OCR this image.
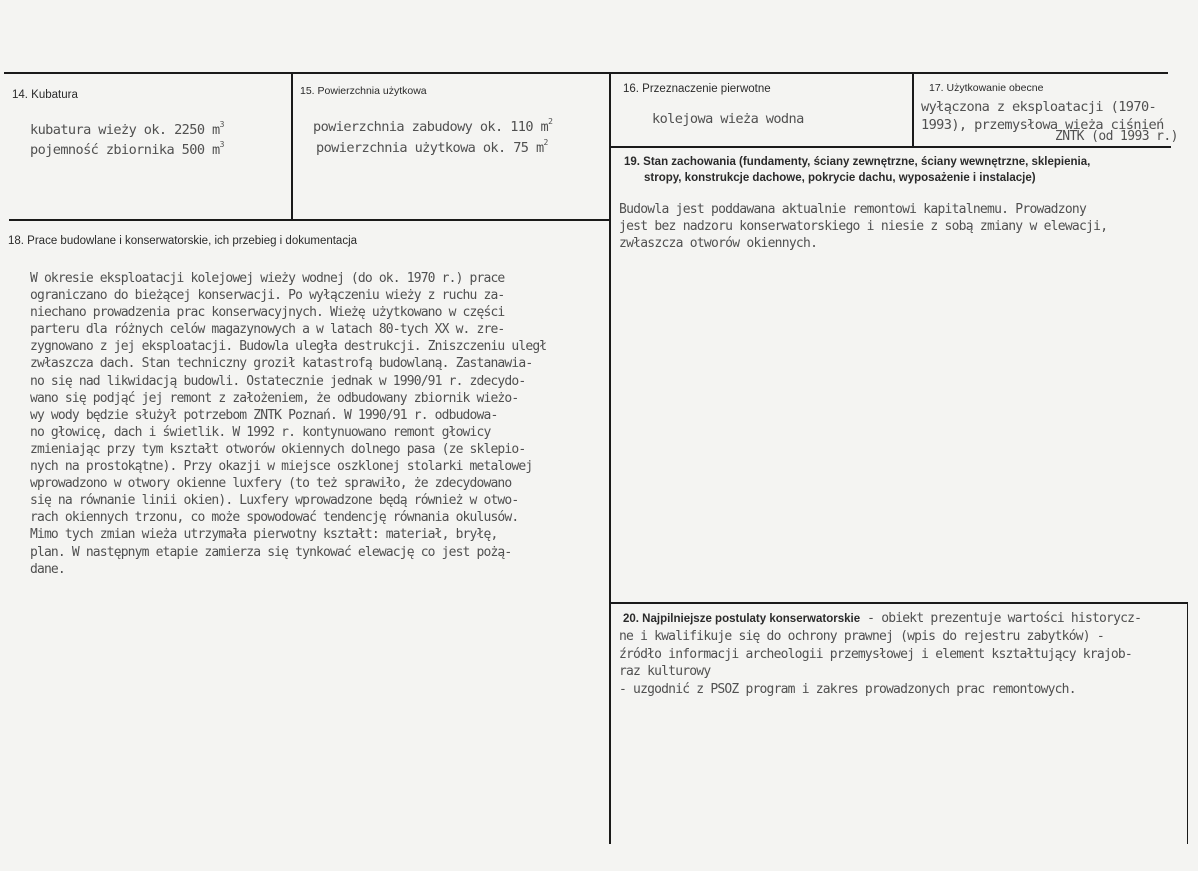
14. Kubatura
kubatura wieży ok. 2250 $m^3$
pojemność zbiornika 500 $m^3$
15. Powierzchnia użytkowa
powierzchnia zabudowy ok. 110 $m^2$
powierzchnia użytkowa ok. 75 $m^2$
16. Przeznaczenie pierwotne
kolejowa wieża wodna
17. Użytkowanie obecne
wyłączona z eksploatacji (1970-
1993), przemysłowa wieża ciśnień
ZNTK (od 1993 r.)
18. Prace budowlane i konserwatorskie, ich przebieg i dokumentacja
W okresie eksploatacji kolejowej wieży wodnej (do ok. 1970 r.) prace
ograniczano do bieżącej konserwacji. Po wyłączeniu wieży z ruchu za-
niechano prowadzenia prac konserwacyjnych. Wieżę użytkowano w części
parteru dla różnych celów magazynowych a w latach 80-tych XX w. zre-
zygnowano z jej eksploatacji. Budowla uległa destrukcji. Zniszczeniu uległ
zwłaszcza dach. Stan techniczny groził katastrofą budowlaną. Zastanawia-
no się nad likwidacją budowli. Ostatecznie jednak w 1990/91 r. zdecydo-
wano się podjąć jej remont z założeniem, że odbudowany zbiornik wieżo-
wy wody będzie służył potrzebom ZNTK Poznań. W 1990/91 r. odbudowa-
no głowicę, dach i świetlik. W 1992 r. kontynuowano remont głowicy
zmieniając przy tym kształt otworów okiennych dolnego pasa (ze sklepio-
nych na prostokątne). Przy okazji w miejsce oszklonej stolarki metalowej
wprowadzono w otwory okienne luxfery (to też sprawiło, że zdecydowano
się na równanie linii okien). Luxfery wprowadzone będą również w otwo-
rach okiennych trzonu, co może spowodować tendencję równania okulusów.
Mimo tych zmian wieża utrzymała pierwotny kształt: materiał, bryłę,
plan. W następnym etapie zamierza się tynkować elewację co jest pożą-
dane.
19. Stan zachowania (fundamenty, ściany zewnętrzne, ściany wewnętrzne, sklepienia,
stropy, konstrukcje dachowe, pokrycie dachu, wyposażenie i instalacje)
Budowla jest poddawana aktualnie remontowi kapitalnemu. Prowadzony
jest bez nadzoru konserwatorskiego i niesie z sobą zmiany w elewacji,
zwłaszcza otworów okiennych.
20. Najpilniejsze postulaty konserwatorskie - obiekt prezentuje wartości historycz-
ne i kwalifikuje się do ochrony prawnej (wpis do rejestru zabytków) -
źródło informacji archeologii przemysłowej i element kształtujący krajob-
raz kulturowy
- uzgodnić z PSOZ program i zakres prowadzonych prac remontowych.
